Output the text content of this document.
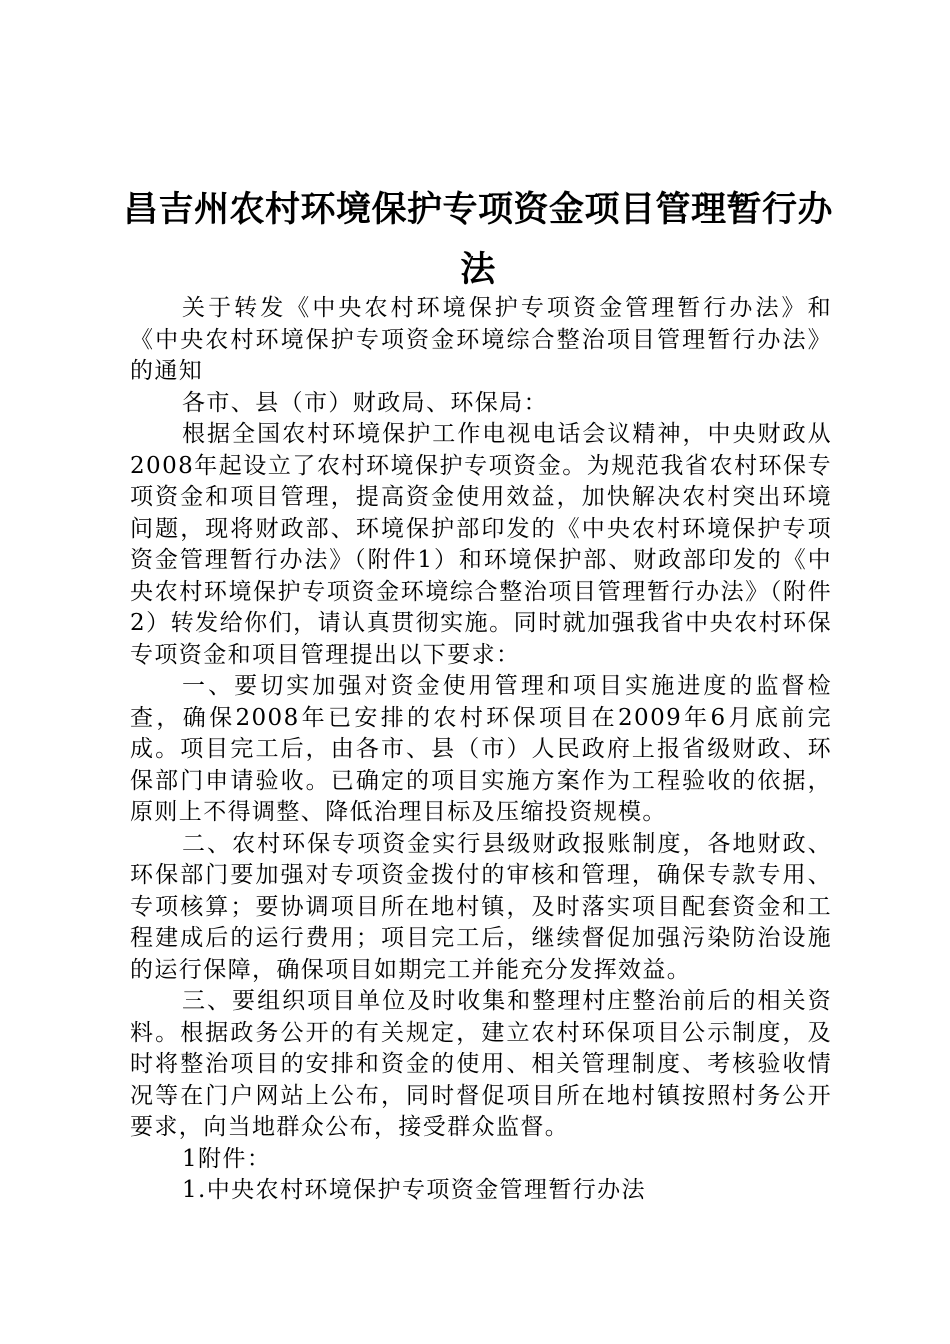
昌吉州农村环境保护专项资金项目管理暂行办法

关于转发《中央农村环境保护专项资金管理暂行办法》和《中央农村环境保护专项资金环境综合整治项目管理暂行办法》的通知

各市、县（市）财政局、环保局：

根据全国农村环境保护工作电视电话会议精神，中央财政从2008年起设立了农村环境保护专项资金。为规范我省农村环保专项资金和项目管理，提高资金使用效益，加快解决农村突出环境问题，现将财政部、环境保护部印发的《中央农村环境保护专项资金管理暂行办法》（附件1）和环境保护部、财政部印发的《中央农村环境保护专项资金环境综合整治项目管理暂行办法》（附件2）转发给你们，请认真贯彻实施。同时就加强我省中央农村环保专项资金和项目管理提出以下要求：

一、要切实加强对资金使用管理和项目实施进度的监督检查，确保2008年已安排的农村环保项目在2009年6月底前完成。项目完工后，由各市、县（市）人民政府上报省级财政、环保部门申请验收。已确定的项目实施方案作为工程验收的依据，原则上不得调整、降低治理目标及压缩投资规模。

二、农村环保专项资金实行县级财政报账制度，各地财政、环保部门要加强对专项资金拨付的审核和管理，确保专款专用、专项核算；要协调项目所在地村镇，及时落实项目配套资金和工程建成后的运行费用；项目完工后，继续督促加强污染防治设施的运行保障，确保项目如期完工并能充分发挥效益。

三、要组织项目单位及时收集和整理村庄整治前后的相关资料。根据政务公开的有关规定，建立农村环保项目公示制度，及时将整治项目的安排和资金的使用、相关管理制度、考核验收情况等在门户网站上公布，同时督促项目所在地村镇按照村务公开要求，向当地群众公布，接受群众监督。

1附件：

1.中央农村环境保护专项资金管理暂行办法
